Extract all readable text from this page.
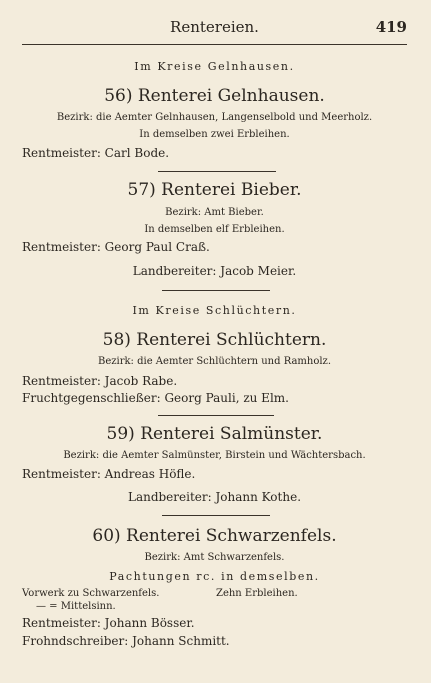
Rentereien.	419
Im Kreise Gelnhausen.
56) Renterei Gelnhausen.
Bezirk: die Aemter Gelnhausen, Langenselbold und Meerholz.
In demselben zwei Erbleihen.
Rentmeister: Carl Bode.
57) Renterei Bieber.
Bezirk: Amt Bieber.
In demselben elf Erbleihen.
Rentmeister: Georg Paul Craß.
Landbereiter: Jacob Meier.
Im Kreise Schlüchtern.
58) Renterei Schlüchtern.
Bezirk: die Aemter Schlüchtern und Ramholz.
Rentmeister: Jacob Rabe.
Fruchtgegenschließer: Georg Pauli, zu Elm.
59) Renterei Salmünster.
Bezirk: die Aemter Salmünster, Birstein und Wächtersbach.
Rentmeister: Andreas Höfle.
Landbereiter: Johann Kothe.
60) Renterei Schwarzenfels.
Bezirk: Amt Schwarzenfels.
Pachtungen rc. in demselben.
Vorwerk zu Schwarzenfels.	Zehn Erbleihen.
— = Mittelsinn.
Rentmeister: Johann Bösser.
Frohndschreiber: Johann Schmitt.
